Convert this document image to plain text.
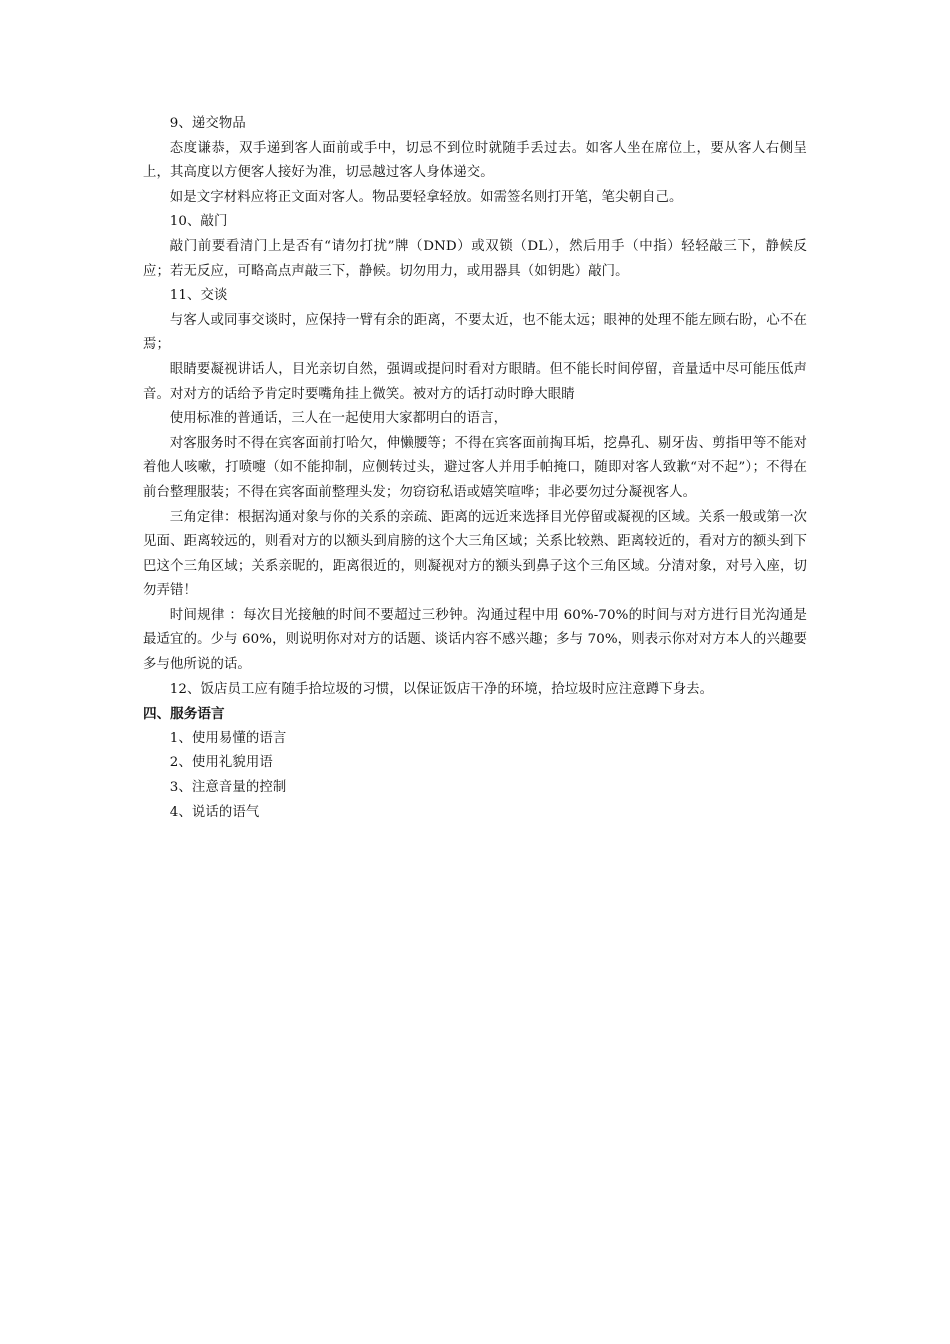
9、递交物品

态度谦恭，双手递到客人面前或手中，切忌不到位时就随手丢过去。如客人坐在席位上，要从客人右侧呈上，其高度以方便客人接好为准，切忌越过客人身体递交。

如是文字材料应将正文面对客人。物品要轻拿轻放。如需签名则打开笔，笔尖朝自己。

10、敲门

敲门前要看清门上是否有“请勿打扰”牌（DND）或双锁（DL），然后用手（中指）轻轻敲三下，静候反应；若无反应，可略高点声敲三下，静候。切勿用力，或用器具（如钥匙）敲门。

11、交谈

与客人或同事交谈时，应保持一臂有余的距离，不要太近，也不能太远；眼神的处理不能左顾右盼，心不在焉；

眼睛要凝视讲话人，目光亲切自然，强调或提问时看对方眼睛。但不能长时间停留，音量适中尽可能压低声音。对对方的话给予肯定时要嘴角挂上微笑。被对方的话打动时睁大眼睛

使用标准的普通话，三人在一起使用大家都明白的语言，

对客服务时不得在宾客面前打哈欠，伸懒腰等；不得在宾客面前掏耳垢，挖鼻孔、剔牙齿、剪指甲等不能对着他人咳嗽，打喷嚏（如不能抑制，应侧转过头，避过客人并用手帕掩口，随即对客人致歉“对不起”）；不得在前台整理服装；不得在宾客面前整理头发；勿窃窃私语或嬉笑喧哗；非必要勿过分凝视客人。

三角定律：根据沟通对象与你的关系的亲疏、距离的远近来选择目光停留或凝视的区域。关系一般或第一次见面、距离较远的，则看对方的以额头到肩膀的这个大三角区域；关系比较熟、距离较近的，看对方的额头到下巴这个三角区域；关系亲昵的，距离很近的，则凝视对方的额头到鼻子这个三角区域。分清对象，对号入座，切勿弄错！

时间规律 ：每次目光接触的时间不要超过三秒钟。沟通过程中用 60%-70%的时间与对方进行目光沟通是最适宜的。少与 60%，则说明你对对方的话题、谈话内容不感兴趣；多与 70%，则表示你对对方本人的兴趣要多与他所说的话。

12、饭店员工应有随手拾垃圾的习惯，以保证饭店干净的环境，拾垃圾时应注意蹲下身去。

四、服务语言

1、使用易懂的语言

2、使用礼貌用语

3、注意音量的控制

4、说话的语气
